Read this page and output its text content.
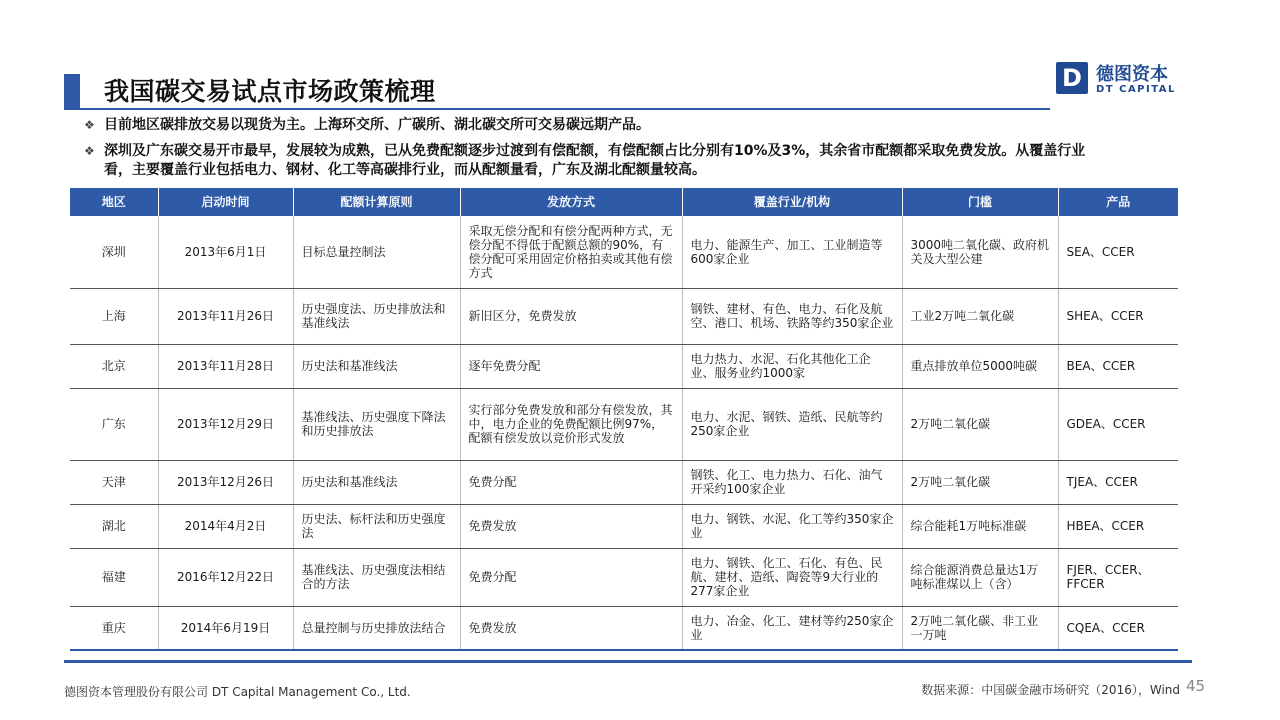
我国碳交易试点市场政策梳理	D 德图资本
DT CAPITAL
❖ 目前地区碳排放交易以现货为主。上海环交所、广碳所、湖北碳交所可交易碳远期产品。
❖ 深圳及广东碳交易开市最早，发展较为成熟，已从免费配额逐步过渡到有偿配额，有偿配额占比分别有10%及3%，其余省市配额都采取免费发放。从覆盖行业看，主要覆盖行业包括电力、钢材、化工等高碳排行业，而从配额量看，广东及湖北配额量较高。
地区	启动时间	配额计算原则	发放方式	覆盖行业/机构	门槛	产品
深圳	2013年6月1日	目标总量控制法	采取无偿分配和有偿分配两种方式，无偿分配不得低于配额总额的90%，有偿分配可采用固定价格拍卖或其他有偿方式	电力、能源生产、加工、工业制造等600家企业	3000吨二氧化碳、政府机关及大型公建	SEA、CCER
上海	2013年11月26日	历史强度法、历史排放法和基准线法	新旧区分，免费发放	钢铁、建材、有色、电力、石化及航空、港口、机场、铁路等约350家企业	工业2万吨二氧化碳	SHEA、CCER
北京	2013年11月28日	历史法和基准线法	逐年免费分配	电力热力、水泥、石化其他化工企业、服务业约1000家	重点排放单位5000吨碳	BEA、CCER
广东	2013年12月29日	基准线法、历史强度下降法和历史排放法	实行部分免费发放和部分有偿发放，其中，电力企业的免费配额比例97%，配额有偿发放以竞价形式发放	电力、水泥、钢铁、造纸、民航等约250家企业	2万吨二氧化碳	GDEA、CCER
天津	2013年12月26日	历史法和基准线法	免费分配	钢铁、化工、电力热力、石化、油气开采约100家企业	2万吨二氧化碳	TJEA、CCER
湖北	2014年4月2日	历史法、标杆法和历史强度法	免费发放	电力、钢铁、水泥、化工等约350家企业	综合能耗1万吨标准碳	HBEA、CCER
福建	2016年12月22日	基准线法、历史强度法相结合的方法	免费分配	电力、钢铁、化工、石化、有色、民航、建材、造纸、陶瓷等9大行业的277家企业	综合能源消费总量达1万吨标准煤以上（含）	FJER、CCER、FFCER
重庆	2014年6月19日	总量控制与历史排放法结合	免费发放	电力、冶金、化工、建材等约250家企业	2万吨二氧化碳、非工业一万吨	CQEA、CCER
德图资本管理股份有限公司 DT Capital Management Co., Ltd.	数据来源：中国碳金融市场研究（2016），Wind 45
